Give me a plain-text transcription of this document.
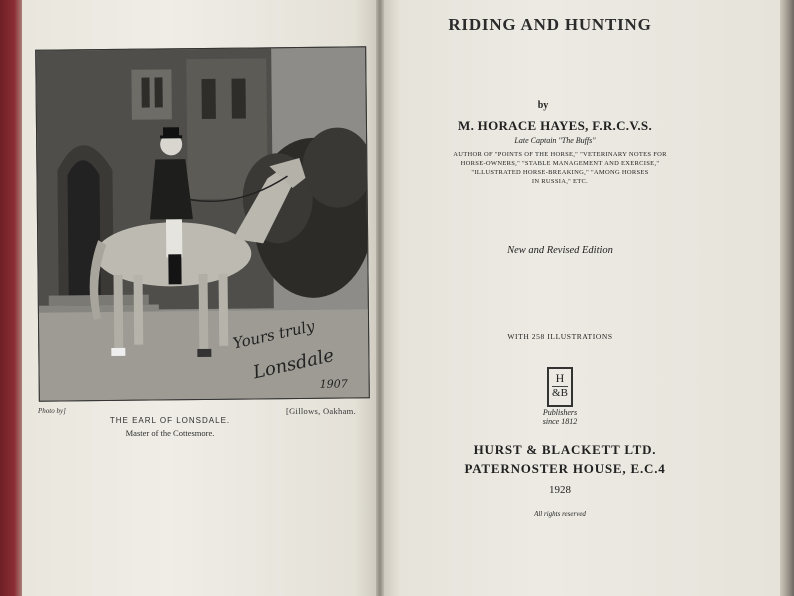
Yours truly
Lonsdale
1907
Photo by]	[Gillows, Oakham.
THE EARL OF LONSDALE.
Master of the Cottesmore.
RIDING AND HUNTING
by
M. HORACE HAYES, F.R.C.V.S.
Late Captain "The Buffs"
AUTHOR OF "POINTS OF THE HORSE," "VETERINARY NOTES FOR
HORSE-OWNERS," "STABLE MANAGEMENT AND EXERCISE,"
"ILLUSTRATED HORSE-BREAKING," "AMONG HORSES
IN RUSSIA," ETC.
New and Revised Edition
WITH 258 ILLUSTRATIONS
H
&B
Publishers
since 1812
HURST & BLACKETT LTD.
PATERNOSTER HOUSE, E.C.4
1928
All rights reserved
